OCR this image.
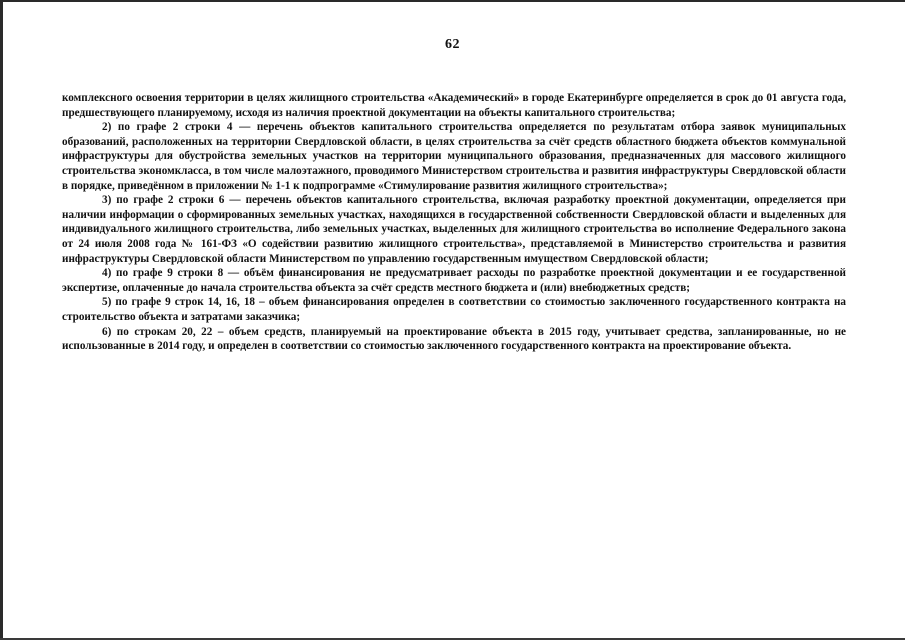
62

комплексного освоения территории в целях жилищного строительства «Академический» в городе Екатеринбурге определяется в срок до 01 августа года, предшествующего планируемому, исходя из наличия проектной документации на объекты капитального строительства;

2) по графе 2 строки 4 — перечень объектов капитального строительства определяется по результатам отбора заявок муниципальных образований, расположенных на территории Свердловской области, в целях строительства за счёт средств областного бюджета объектов коммунальной инфраструктуры для обустройства земельных участков на территории муниципального образования, предназначенных для массового жилищного строительства экономкласса, в том числе малоэтажного, проводимого Министерством строительства и развития инфраструктуры Свердловской области в порядке, приведённом в приложении № 1-1 к подпрограмме «Стимулирование развития жилищного строительства»;

3) по графе 2 строки 6 — перечень объектов капитального строительства, включая разработку проектной документации, определяется при наличии информации о сформированных земельных участках, находящихся в государственной собственности Свердловской области и выделенных для индивидуального жилищного строительства, либо земельных участках, выделенных для жилищного строительства во исполнение Федерального закона от 24 июля 2008 года № 161-ФЗ «О содействии развитию жилищного строительства», представляемой в Министерство строительства и развития инфраструктуры Свердловской области Министерством по управлению государственным имуществом Свердловской области;

4) по графе 9 строки 8 — объём финансирования не предусматривает расходы по разработке проектной документации и ее государственной экспертизе, оплаченные до начала строительства объекта за счёт средств местного бюджета и (или) внебюджетных средств;

5) по графе 9 строк 14, 16, 18 – объем финансирования определен в соответствии со стоимостью заключенного государственного контракта на строительство объекта и затратами заказчика;

6) по строкам 20, 22 – объем средств, планируемый на проектирование объекта в 2015 году, учитывает средства, запланированные, но не использованные в 2014 году, и определен в соответствии со стоимостью заключенного государственного контракта на проектирование объекта.
